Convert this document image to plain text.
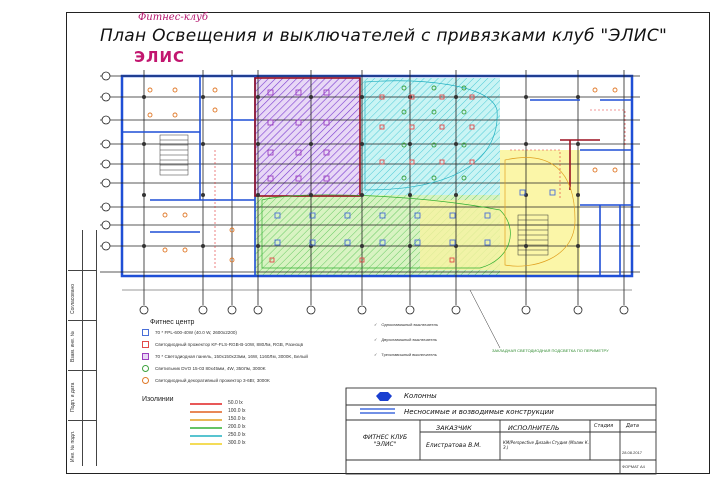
Согласовано
Взам. инв. №
Подп. и дата
Инв. № подл.
Фитнес-клуб
ЭЛИС
План Освещения и выключателей с привязками клуб "ЭЛИС"
Фитнес центр
70 * FPL-600-40W (40.0 W, 2600x2200)
Светодиодный прожектор KF-FLS-RGB-B-10W, 880Лм, RGB, Разноцв
70 * Светодиодная панель, 150x150x23мм, 16W, 1160Лм, 3000K, Белый
Светильник DVO 15-03 80x45мм, 4W, 350Лм, 3000K
Светодиодный декоративный прожектор 3-6Вт, 3000K
Изолинии	50.0 lx
100.0 lx
150.0 lx
200.0 lx
250.0 lx
300.0 lx
✓ Одноклавишный выключатель
✓ Двухклавишный выключатель
✓ Трехклавишный выключатель
ЗАКЛАДНАЯ СВЕТОДИОДНАЯ ПОДСВЕТКА ПО ПЕРИМЕТРУ
Колонны
Несносимые и возводимые конструкции
ФИТНЕС КЛУБ "ЭЛИС"
ЗАКАЗЧИК
Елистратова В.М.
ИСПОЛНИТЕЛЬ
КМ/Perspective Дизайн Студия (Малик К. З.)
Стадия	Дата
28.08.2017
ФОРМАТ А4
